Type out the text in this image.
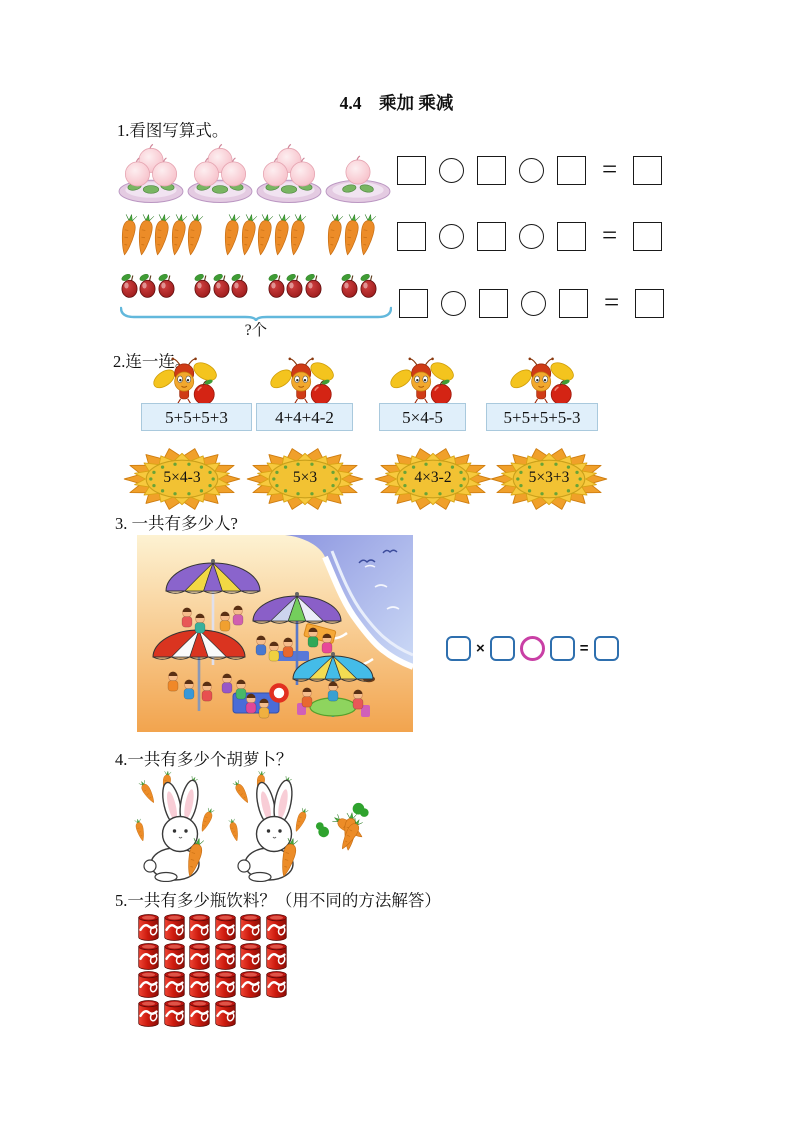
4.4　乘加 乘减
1.看图写算式。
=
=
=
?个
2.连一连。
5+5+5+3	4+4+4-2	5×4-5	5+5+5+5-3
5×4-3	5×3	4×3-2	5×3+3
3. 一共有多少人?
×	=
4.一共有多少个胡萝卜？
5.一共有多少瓶饮料？（用不同的方法解答）
